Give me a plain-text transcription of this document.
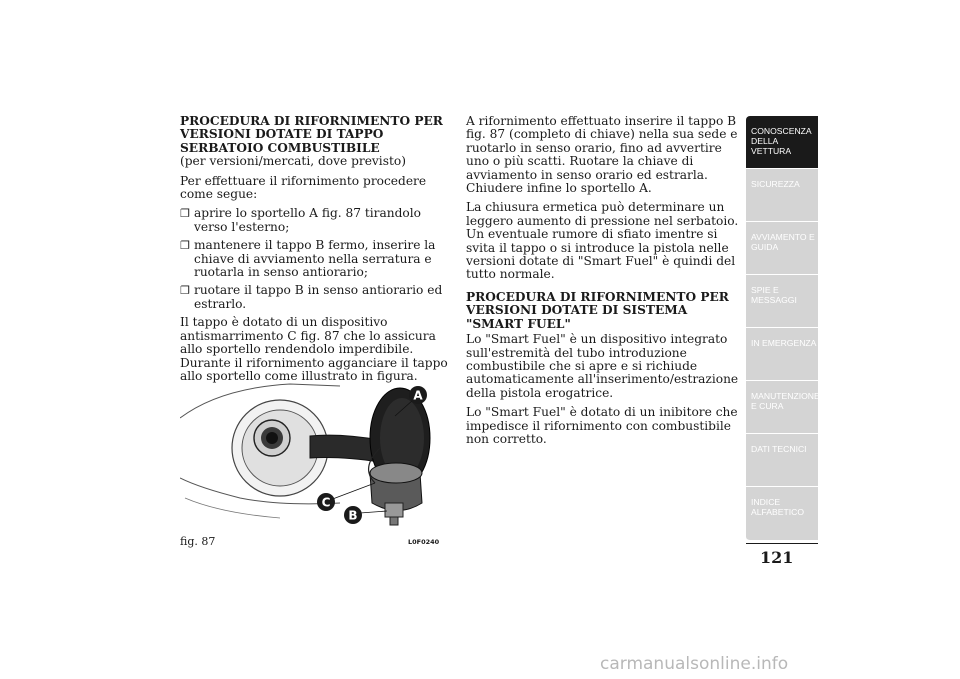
PROCEDURA DI RIFORNIMENTO PER VERSIONI DOTATE DI TAPPO SERBATOIO COMBUSTIBILE
(per versioni/mercati, dove previsto)

Per effettuare il rifornimento procedere come segue:

❐ aprire lo sportello A fig. 87 tirandolo verso l'esterno;
❐ mantenere il tappo B fermo, inserire la chiave di avviamento nella serratura e ruotarla in senso antiorario;
❐ ruotare il tappo B in senso antiorario ed estrarlo.

Il tappo è dotato di un dispositivo antismarrimento C fig. 87 che lo assicura allo sportello rendendolo imperdibile. Durante il rifornimento agganciare il tappo allo sportello come illustrato in figura.

A rifornimento effettuato inserire il tappo B fig. 87 (completo di chiave) nella sua sede e ruotarlo in senso orario, fino ad avvertire uno o più scatti. Ruotare la chiave di avviamento in senso orario ed estrarla. Chiudere infine lo sportello A.

La chiusura ermetica può determinare un leggero aumento di pressione nel serbatoio. Un eventuale rumore di sfiato imentre si svita il tappo o si introduce la pistola nelle versioni dotate di "Smart Fuel" è quindi del tutto normale.

PROCEDURA DI RIFORNIMENTO PER VERSIONI DOTATE DI SISTEMA "SMART FUEL"

Lo "Smart Fuel" è un dispositivo integrato sull'estremità del tubo introduzione combustibile che si apre e si richiude automaticamente all'inserimento/estrazione della pistola erogatrice.

Lo "Smart Fuel" è dotato di un inibitore che impedisce il rifornimento con combustibile non corretto.

A
C
B
fig. 87	L0F0240
CONOSCENZA DELLA VETTURA
SICUREZZA
AVVIAMENTO E GUIDA
SPIE E MESSAGGI
IN EMERGENZA
MANUTENZIONE E CURA
DATI TECNICI
INDICE ALFABETICO
121
carmanualsonline.info
